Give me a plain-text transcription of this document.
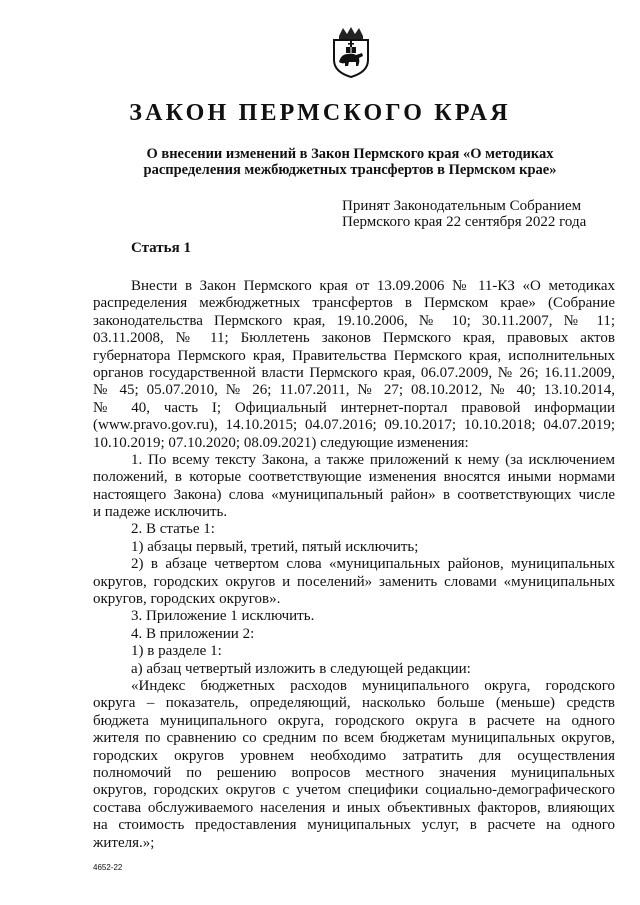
ЗАКОН ПЕРМСКОГО КРАЯ
О внесении изменений в Закон Пермского края «О методиках
распределения межбюджетных трансфертов в Пермском крае»
Принят Законодательным Собранием
Пермского края 22 сентября 2022 года
Статья 1
Внести в Закон Пермского края от 13.09.2006 № 11-КЗ «О методиках
распределения межбюджетных трансфертов в Пермском крае» (Собрание
законодательства Пермского края, 19.10.2006, № 10; 30.11.2007, № 11;
03.11.2008, № 11; Бюллетень законов Пермского края, правовых актов
губернатора Пермского края, Правительства Пермского края, исполнительных
органов государственной власти Пермского края, 06.07.2009, № 26; 16.11.2009,
№ 45; 05.07.2010, № 26; 11.07.2011, № 27; 08.10.2012, № 40; 13.10.2014,
№ 40, часть I; Официальный интернет-портал правовой информации
(www.pravo.gov.ru), 14.10.2015; 04.07.2016; 09.10.2017; 10.10.2018; 04.07.2019;
10.10.2019; 07.10.2020; 08.09.2021) следующие изменения:
1. По всему тексту Закона, а также приложений к нему (за исключением
положений, в которые соответствующие изменения вносятся иными нормами
настоящего Закона) слова «муниципальный район» в соответствующих числе
и падеже исключить.
2. В статье 1:
1) абзацы первый, третий, пятый исключить;
2) в абзаце четвертом слова «муниципальных районов, муниципальных
округов, городских округов и поселений» заменить словами «муниципальных
округов, городских округов».
3. Приложение 1 исключить.
4. В приложении 2:
1) в разделе 1:
а) абзац четвертый изложить в следующей редакции:
«Индекс бюджетных расходов муниципального округа, городского
округа – показатель, определяющий, насколько больше (меньше) средств
бюджета муниципального округа, городского округа в расчете на одного
жителя по сравнению со средним по всем бюджетам муниципальных округов,
городских округов уровнем необходимо затратить для осуществления
полномочий по решению вопросов местного значения муниципальных
округов, городских округов с учетом специфики социально-демографического
состава обслуживаемого населения и иных объективных факторов, влияющих
на стоимость предоставления муниципальных услуг, в расчете на одного
жителя.»;
4652-22
